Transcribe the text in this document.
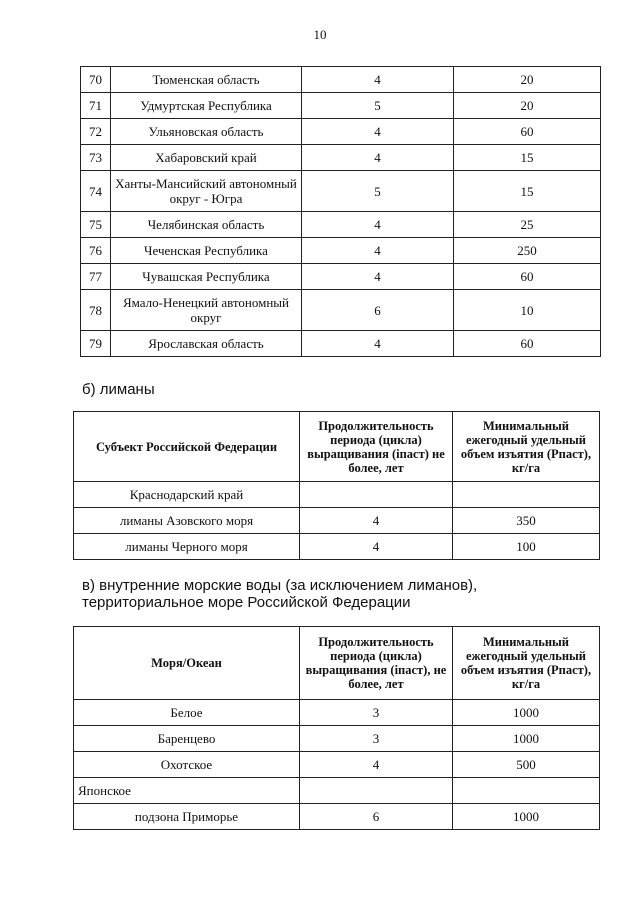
10
70	Тюменская область	4	20
71	Удмуртская Республика	5	20
72	Ульяновская область	4	60
73	Хабаровский край	4	15
74	Ханты-Мансийский автономный округ - Югра	5	15
75	Челябинская область	4	25
76	Чеченская Республика	4	250
77	Чувашская Республика	4	60
78	Ямало-Ненецкий автономный округ	6	10
79	Ярославская область	4	60
б) лиманы
Субъект Российской Федерации	Продолжительность периода (цикла) выращивания (iпаст) не более, лет	Минимальный ежегодный удельный объем изъятия (Pпаст), кг/га
Краснодарский край		
лиманы Азовского моря	4	350
лиманы Черного моря	4	100
в) внутренние морские воды (за исключением лиманов), территориальное море Российской Федерации
Моря/Океан	Продолжительность периода (цикла) выращивания (iпаст), не более, лет	Минимальный ежегодный удельный объем изъятия (Pпаст), кг/га
Белое	3	1000
Баренцево	3	1000
Охотское	4	500
Японское		
подзона Приморье	6	1000
